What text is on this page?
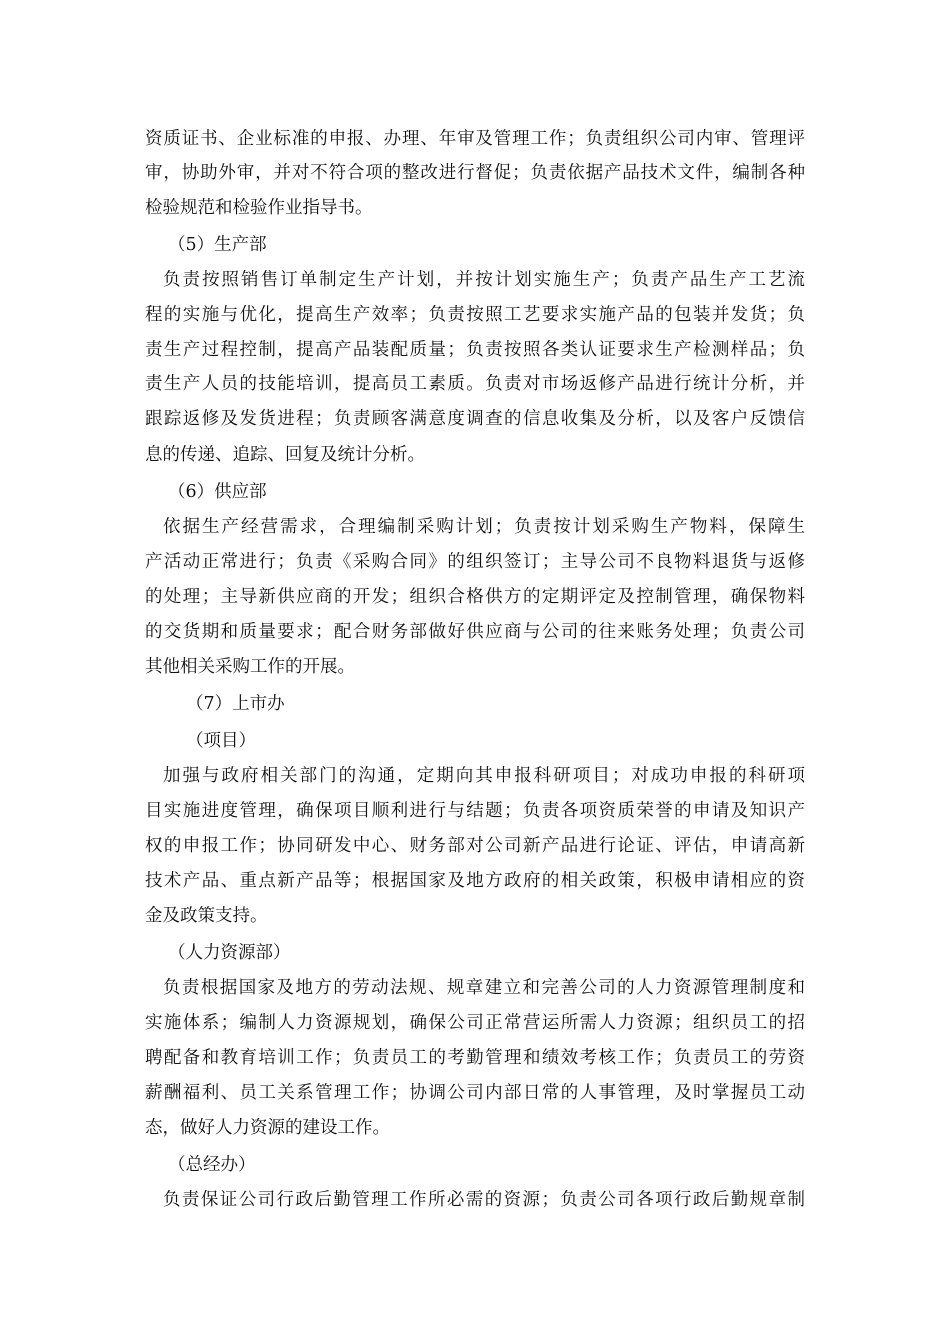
资质证书、企业标准的申报、办理、年审及管理工作；负责组织公司内审、管理评
审，协助外审，并对不符合项的整改进行督促；负责依据产品技术文件，编制各种
检验规范和检验作业指导书。
（5）生产部
负责按照销售订单制定生产计划，并按计划实施生产；负责产品生产工艺流
程的实施与优化，提高生产效率；负责按照工艺要求实施产品的包装并发货；负
责生产过程控制，提高产品装配质量；负责按照各类认证要求生产检测样品；负
责生产人员的技能培训，提高员工素质。负责对市场返修产品进行统计分析，并
跟踪返修及发货进程；负责顾客满意度调查的信息收集及分析，以及客户反馈信
息的传递、追踪、回复及统计分析。
（6）供应部
依据生产经营需求，合理编制采购计划；负责按计划采购生产物料，保障生
产活动正常进行；负责《采购合同》的组织签订；主导公司不良物料退货与返修
的处理；主导新供应商的开发；组织合格供方的定期评定及控制管理，确保物料
的交货期和质量要求；配合财务部做好供应商与公司的往来账务处理；负责公司
其他相关采购工作的开展。
（7）上市办
（项目）
加强与政府相关部门的沟通，定期向其申报科研项目；对成功申报的科研项
目实施进度管理，确保项目顺利进行与结题；负责各项资质荣誉的申请及知识产
权的申报工作；协同研发中心、财务部对公司新产品进行论证、评估，申请高新
技术产品、重点新产品等；根据国家及地方政府的相关政策，积极申请相应的资
金及政策支持。
（人力资源部）
负责根据国家及地方的劳动法规、规章建立和完善公司的人力资源管理制度和
实施体系；编制人力资源规划，确保公司正常营运所需人力资源；组织员工的招
聘配备和教育培训工作；负责员工的考勤管理和绩效考核工作；负责员工的劳资
薪酬福利、员工关系管理工作；协调公司内部日常的人事管理，及时掌握员工动
态，做好人力资源的建设工作。
（总经办）
负责保证公司行政后勤管理工作所必需的资源；负责公司各项行政后勤规章制
